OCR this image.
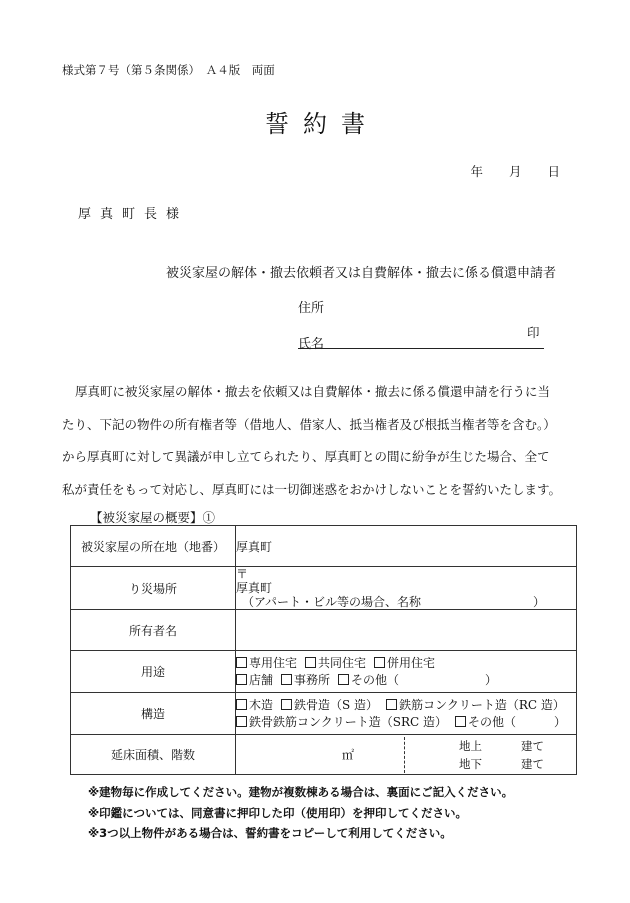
様式第７号（第５条関係）　Ａ４版　両面
誓約書
年 月 日
厚真町長様
被災家屋の解体・撤去依頼者又は自費解体・撤去に係る償還申請者
住所
氏名
印

厚真町に被災家屋の解体・撤去を依頼又は自費解体・撤去に係る償還申請を行うに当

たり、下記の物件の所有権者等（借地人、借家人、抵当権者及び根抵当権者等を含む。）

から厚真町に対して異議が申し立てられたり、厚真町との間に紛争が生じた場合、全て

私が責任をもって対応し、厚真町には一切御迷惑をおかけしないことを誓約いたします。

【被災家屋の概要】①
被災家屋の所在地（地番）	厚真町
り災場所	〒
厚真町
（アパート・ビル等の場合、名称 ）

所有者名	
用途	専用住宅 共同住宅 併用住宅
店舗 事務所 その他（ ）

構造	木造 鉄骨造（S 造） 鉄筋コンクリート造（RC 造）
鉄骨鉄筋コンクリート造（SRC 造） その他（ ）

延床面積、階数	㎡
地上 建て
地下 建て

※建物毎に作成してください。建物が複数棟ある場合は、裏面にご記入ください。

※印鑑については、同意書に押印した印（使用印）を押印してください。

※3つ以上物件がある場合は、誓約書をコピーして利用してください。
